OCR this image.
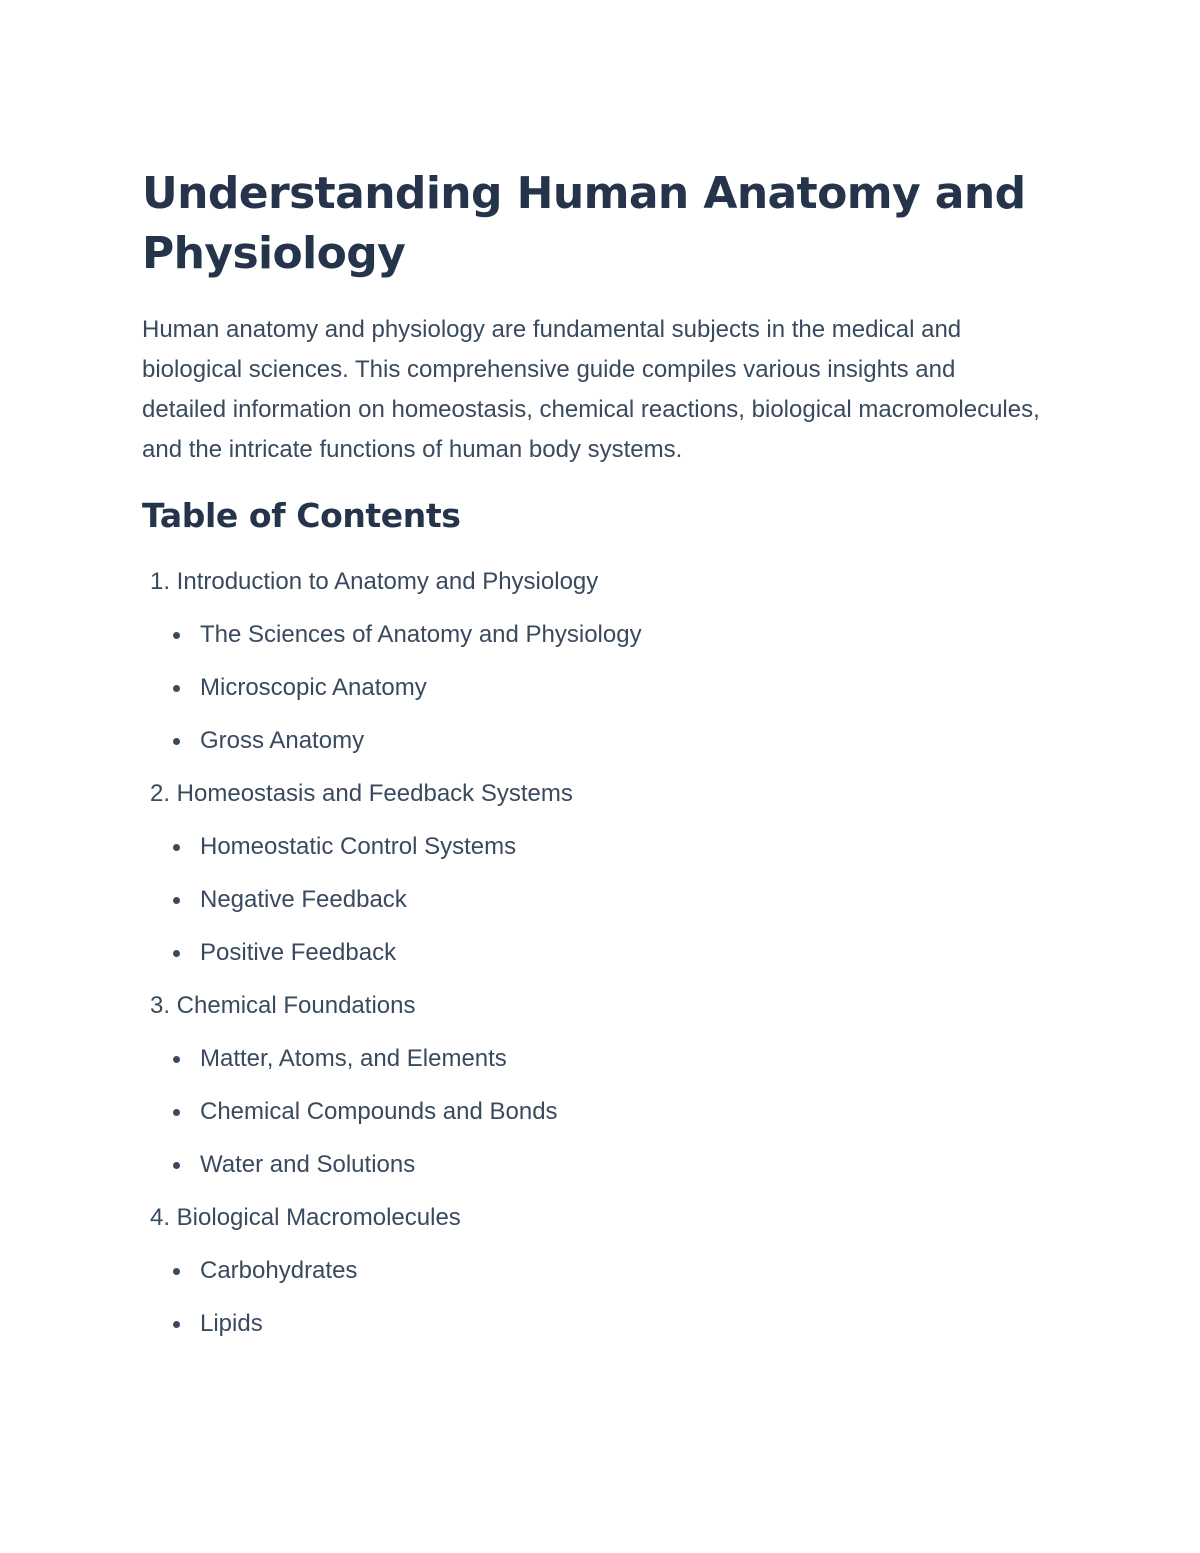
Understanding Human Anatomy and Physiology

Human anatomy and physiology are fundamental subjects in the medical and biological sciences. This comprehensive guide compiles various insights and detailed information on homeostasis, chemical reactions, biological macromolecules, and the intricate functions of human body systems.

Table of Contents
1. Introduction to Anatomy and Physiology
The Sciences of Anatomy and Physiology
Microscopic Anatomy
Gross Anatomy
2. Homeostasis and Feedback Systems
Homeostatic Control Systems
Negative Feedback
Positive Feedback
3. Chemical Foundations
Matter, Atoms, and Elements
Chemical Compounds and Bonds
Water and Solutions
4. Biological Macromolecules
Carbohydrates
Lipids
